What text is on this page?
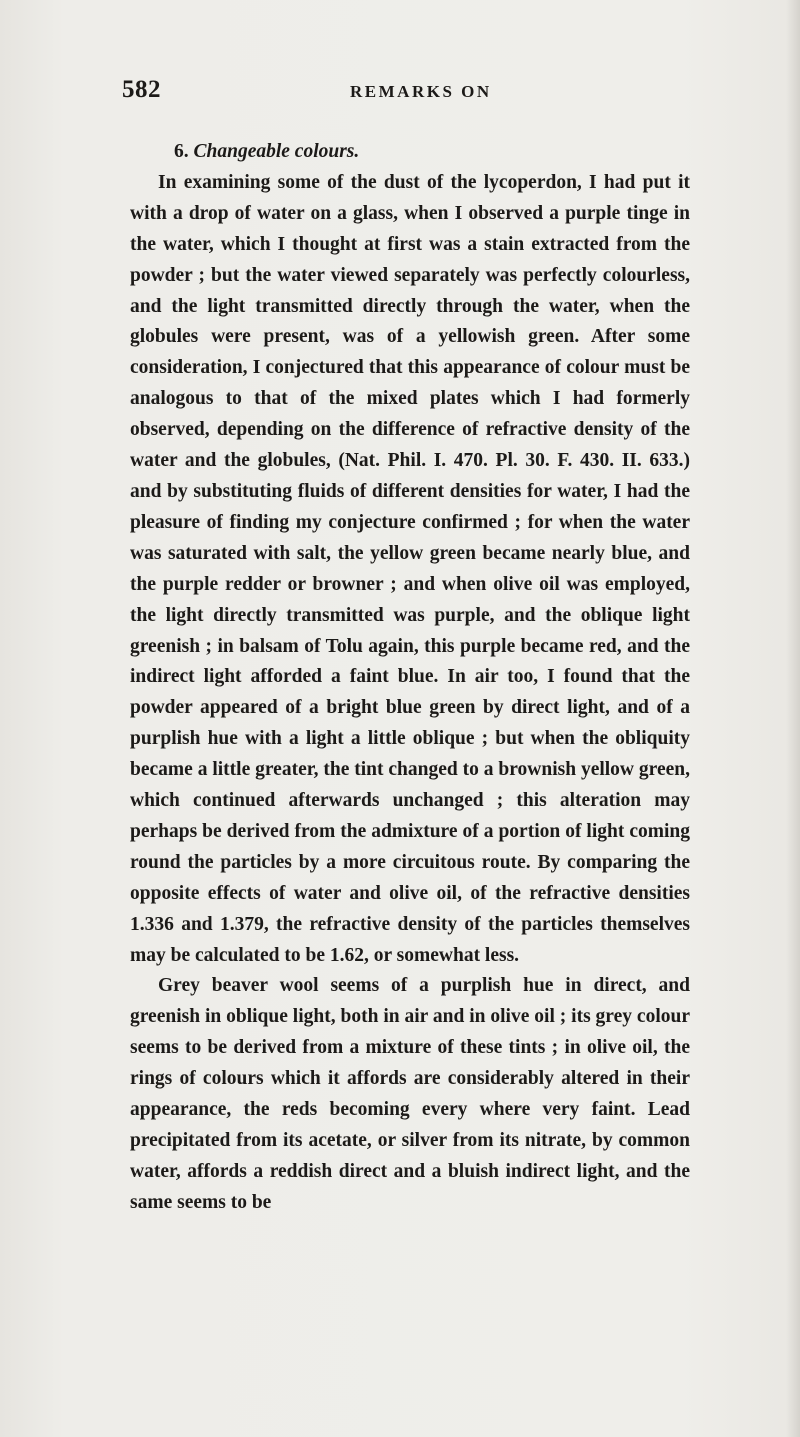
582	REMARKS ON
6. Changeable colours.

In examining some of the dust of the lycoperdon, I had put it with a drop of water on a glass, when I observed a purple tinge in the water, which I thought at first was a stain extracted from the powder ; but the water viewed separately was perfectly colourless, and the light transmitted directly through the water, when the globules were present, was of a yellowish green. After some consideration, I conjectured that this appearance of colour must be analogous to that of the mixed plates which I had formerly observed, depending on the difference of refractive density of the water and the globules, (Nat. Phil. I. 470. Pl. 30. F. 430. II. 633.) and by substituting fluids of different densities for water, I had the pleasure of finding my conjecture confirmed ; for when the water was saturated with salt, the yellow green became nearly blue, and the purple redder or browner ; and when olive oil was employed, the light directly transmitted was purple, and the oblique light greenish ; in balsam of Tolu again, this purple became red, and the indirect light afforded a faint blue. In air too, I found that the powder appeared of a bright blue green by direct light, and of a purplish hue with a light a little oblique ; but when the obliquity became a little greater, the tint changed to a brownish yellow green, which continued afterwards unchanged ; this alteration may perhaps be derived from the admixture of a portion of light coming round the particles by a more circuitous route. By comparing the opposite effects of water and olive oil, of the refractive densities 1.336 and 1.379, the refractive density of the particles themselves may be calculated to be 1.62, or somewhat less.

Grey beaver wool seems of a purplish hue in direct, and greenish in oblique light, both in air and in olive oil ; its grey colour seems to be derived from a mixture of these tints ; in olive oil, the rings of colours which it affords are considerably altered in their appearance, the reds becoming every where very faint. Lead precipitated from its acetate, or silver from its nitrate, by common water, affords a reddish direct and a bluish indirect light, and the same seems to be
